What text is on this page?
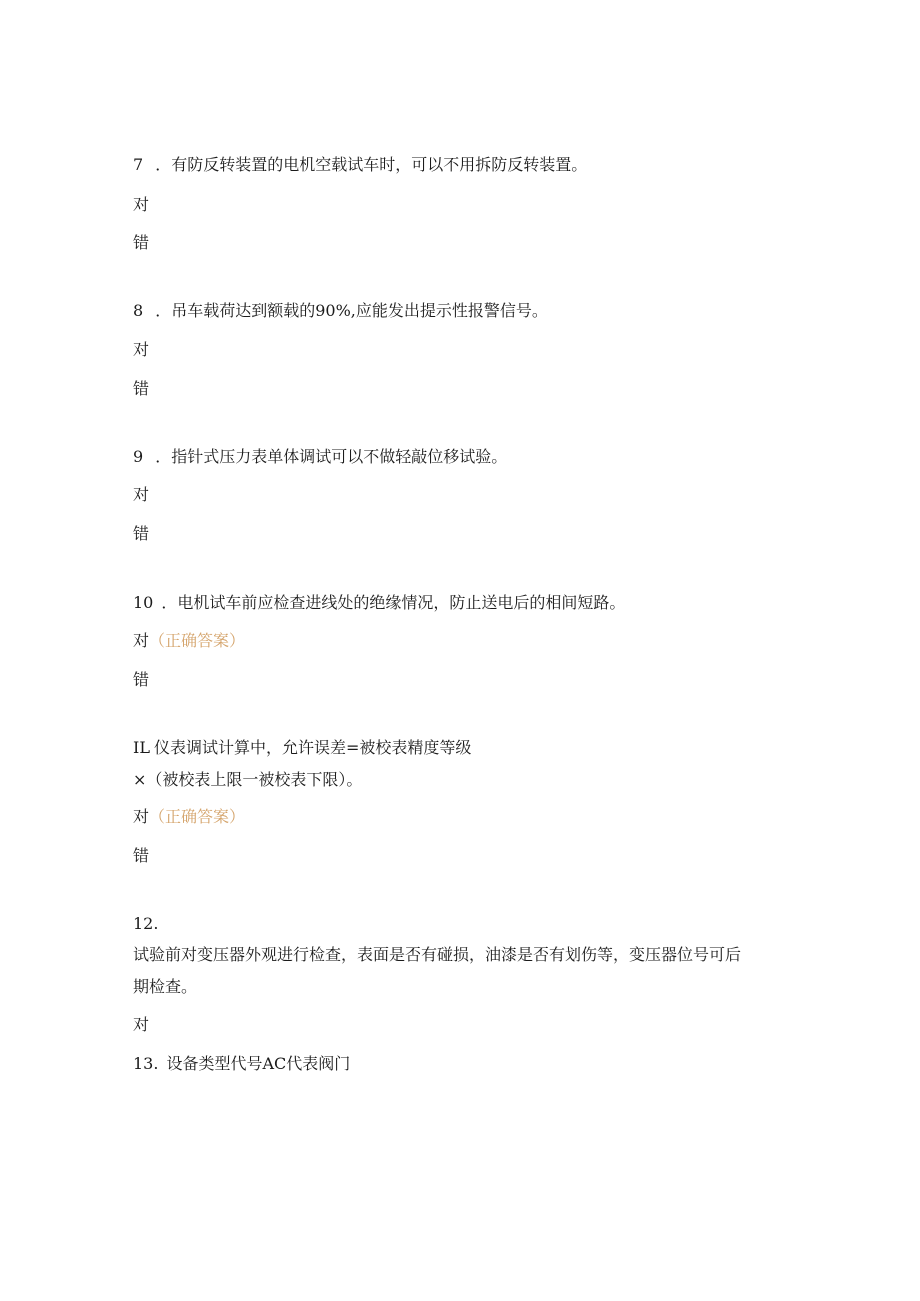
7 ．有防反转装置的电机空载试车时，可以不用拆防反转装置。
对
错
8 ．吊车载荷达到额载的90%,应能发出提示性报警信号。
对
错
9 ．指针式压力表单体调试可以不做轻敲位移试验。
对
错
10 ．电机试车前应检查进线处的绝缘情况，防止送电后的相间短路。
对（正确答案）
错
IL 仪表调试计算中，允许误差=被校表精度等级
×（被校表上限一被校表下限）。
对（正确答案）
错
12.
试验前对变压器外观进行检查，表面是否有碰损，油漆是否有划伤等，变压器位号可后
期检查。
对
13. 设备类型代号AC代表阀门
